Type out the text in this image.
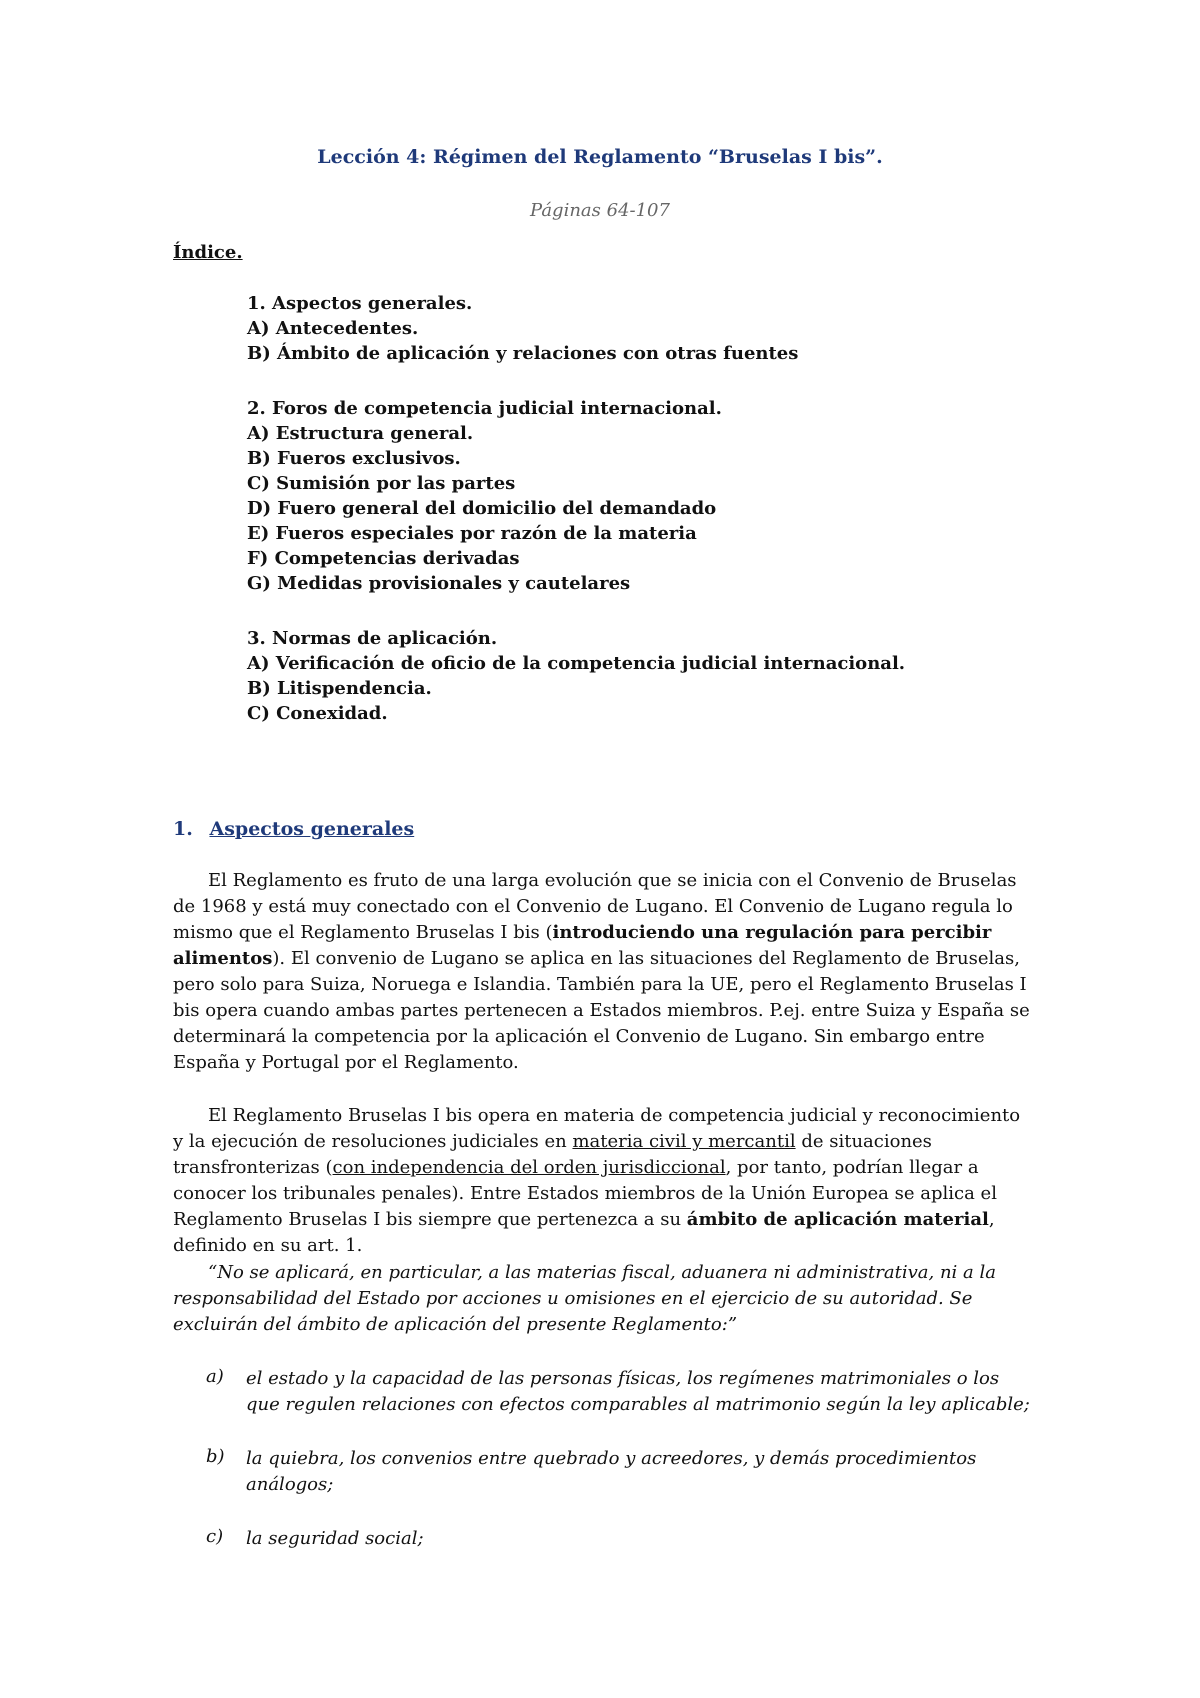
Lección 4: Régimen del Reglamento “Bruselas I bis”.
Páginas 64-107
Índice.
1. Aspectos generales.
A) Antecedentes.
B) Ámbito de aplicación y relaciones con otras fuentes
2. Foros de competencia judicial internacional.
A) Estructura general.
B) Fueros exclusivos.
C) Sumisión por las partes
D) Fuero general del domicilio del demandado
E) Fueros especiales por razón de la materia
F) Competencias derivadas
G) Medidas provisionales y cautelares
3. Normas de aplicación.
A) Verificación de oficio de la competencia judicial internacional.
B) Litispendencia.
C) Conexidad.
1. Aspectos generales
El Reglamento es fruto de una larga evolución que se inicia con el Convenio de Bruselas de 1968 y está muy conectado con el Convenio de Lugano. El Convenio de Lugano regula lo mismo que el Reglamento Bruselas I bis (introduciendo una regulación para percibir alimentos). El convenio de Lugano se aplica en las situaciones del Reglamento de Bruselas, pero solo para Suiza, Noruega e Islandia. También para la UE, pero el Reglamento Bruselas I bis opera cuando ambas partes pertenecen a Estados miembros. P.ej. entre Suiza y España se determinará la competencia por la aplicación el Convenio de Lugano. Sin embargo entre España y Portugal por el Reglamento.
El Reglamento Bruselas I bis opera en materia de competencia judicial y reconocimiento y la ejecución de resoluciones judiciales en materia civil y mercantil de situaciones transfronterizas (con independencia del orden jurisdiccional, por tanto, podrían llegar a conocer los tribunales penales). Entre Estados miembros de la Unión Europea se aplica el Reglamento Bruselas I bis siempre que pertenezca a su ámbito de aplicación material, definido en su art. 1.
“No se aplicará, en particular, a las materias fiscal, aduanera ni administrativa, ni a la responsabilidad del Estado por acciones u omisiones en el ejercicio de su autoridad. Se excluirán del ámbito de aplicación del presente Reglamento:”
a) el estado y la capacidad de las personas físicas, los regímenes matrimoniales o los que regulen relaciones con efectos comparables al matrimonio según la ley aplicable;
b) la quiebra, los convenios entre quebrado y acreedores, y demás procedimientos análogos;
c) la seguridad social;
